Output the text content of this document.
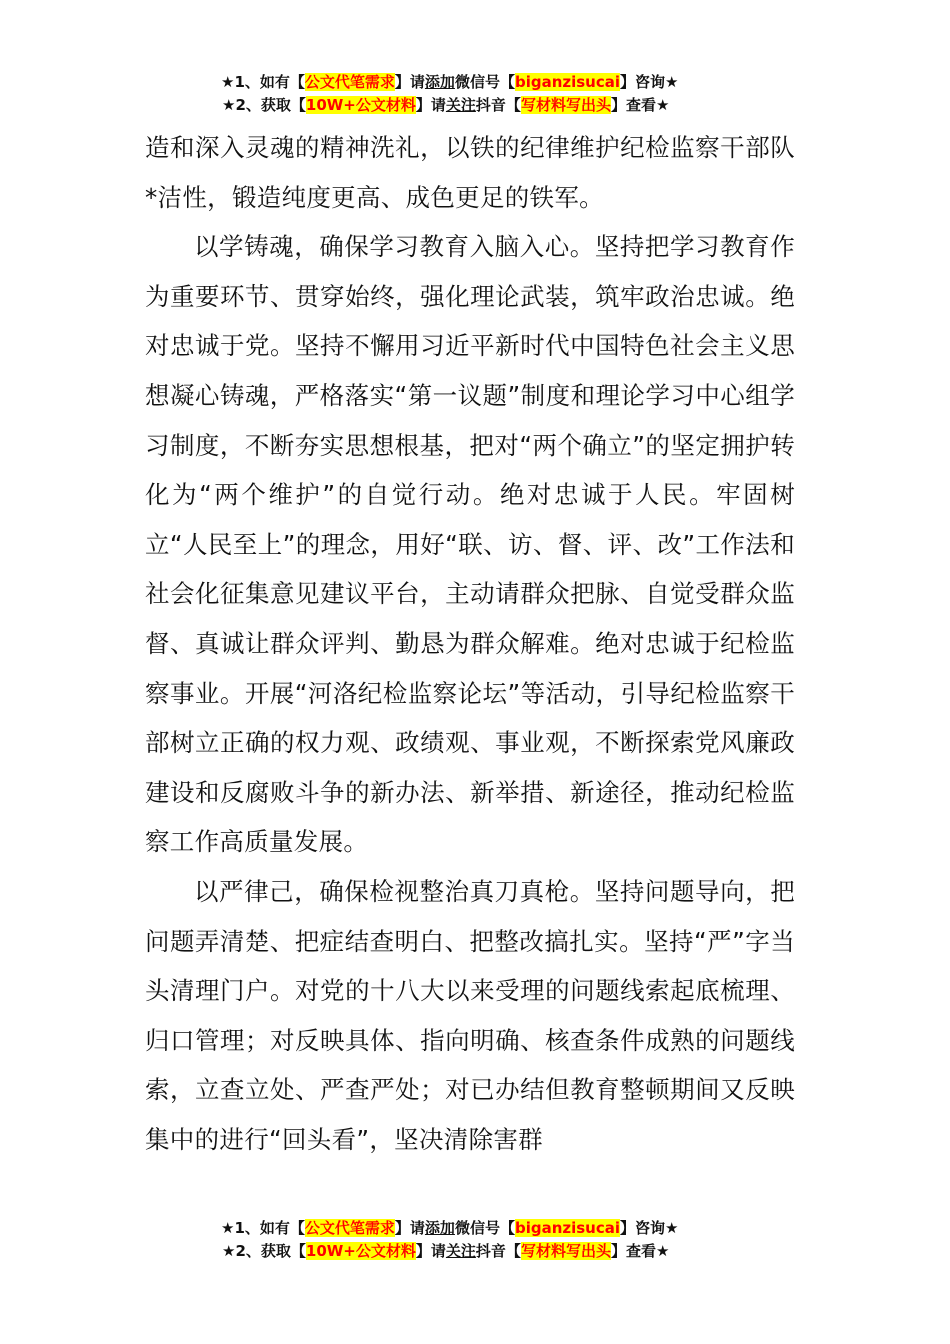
★1、如有【公文代笔需求】请添加微信号【biganzisucai】咨询★
★2、获取【10W+公文材料】请关注抖音【写材料写出头】查看★

造和深入灵魂的精神洗礼，以铁的纪律维护纪检监察干部队*洁性，锻造纯度更高、成色更足的铁军。

以学铸魂，确保学习教育入脑入心。坚持把学习教育作为重要环节、贯穿始终，强化理论武装，筑牢政治忠诚。绝对忠诚于党。坚持不懈用习近平新时代中国特色社会主义思想凝心铸魂，严格落实“第一议题”制度和理论学习中心组学习制度，不断夯实思想根基，把对“两个确立”的坚定拥护转化为“两个维护”的自觉行动。绝对忠诚于人民。牢固树立“人民至上”的理念，用好“联、访、督、评、改”工作法和社会化征集意见建议平台，主动请群众把脉、自觉受群众监督、真诚让群众评判、勤恳为群众解难。绝对忠诚于纪检监察事业。开展“河洛纪检监察论坛”等活动，引导纪检监察干部树立正确的权力观、政绩观、事业观，不断探索党风廉政建设和反腐败斗争的新办法、新举措、新途径，推动纪检监察工作高质量发展。

以严律己，确保检视整治真刀真枪。坚持问题导向，把问题弄清楚、把症结查明白、把整改搞扎实。坚持“严”字当头清理门户。对党的十八大以来受理的问题线索起底梳理、归口管理；对反映具体、指向明确、核查条件成熟的问题线索，立查立处、严查严处；对已办结但教育整顿期间又反映集中的进行“回头看”，坚决清除害群

★1、如有【公文代笔需求】请添加微信号【biganzisucai】咨询★
★2、获取【10W+公文材料】请关注抖音【写材料写出头】查看★
